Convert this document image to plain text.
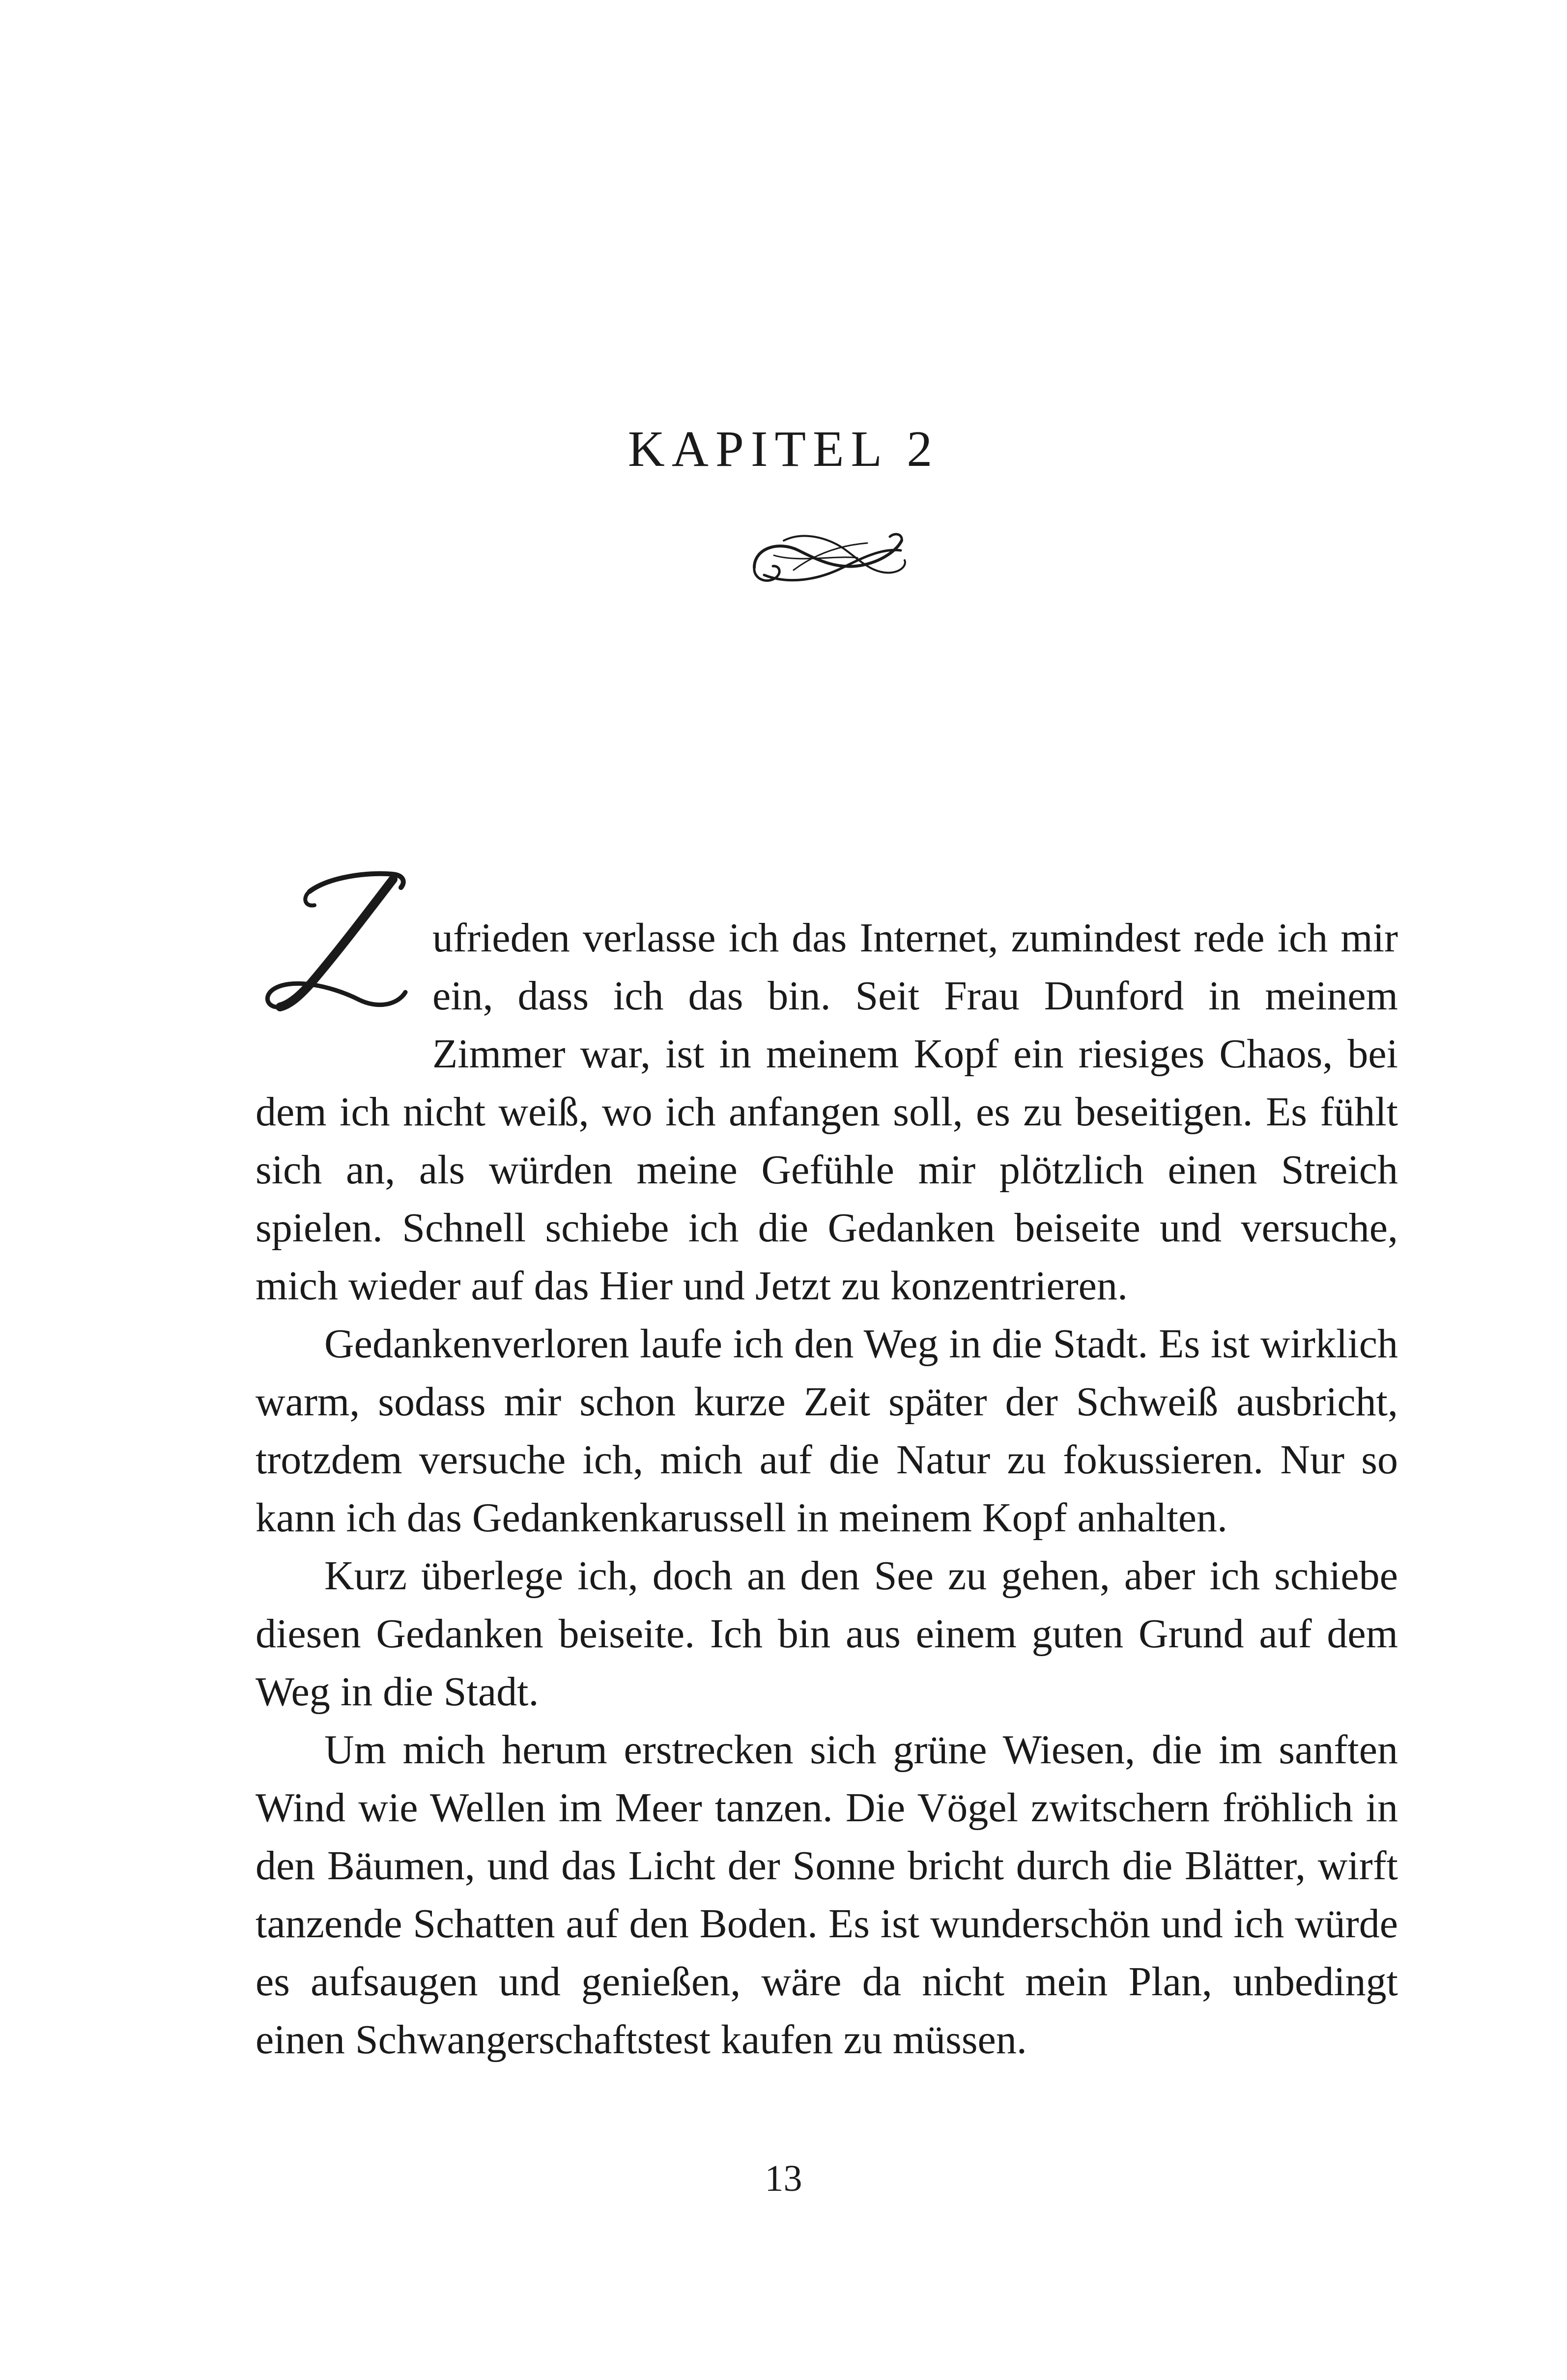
KAPITEL 2

ufrieden verlasse ich das Internet, zumindest rede ich mir ein, dass ich das bin. Seit Frau Dunford in meinem Zimmer war, ist in meinem Kopf ein riesiges Chaos, bei dem ich nicht weiß, wo ich anfangen soll, es zu beseitigen. Es fühlt sich an, als würden meine Gefühle mir plötzlich einen Streich spielen. Schnell schiebe ich die Gedanken beiseite und versuche, mich wieder auf das Hier und Jetzt zu konzentrieren.

Gedankenverloren laufe ich den Weg in die Stadt. Es ist wirklich warm, sodass mir schon kurze Zeit später der Schweiß ausbricht, trotzdem versuche ich, mich auf die Natur zu fokussieren. Nur so kann ich das Gedankenkarussell in meinem Kopf anhalten.

Kurz überlege ich, doch an den See zu gehen, aber ich schiebe diesen Gedanken beiseite. Ich bin aus einem guten Grund auf dem Weg in die Stadt.

Um mich herum erstrecken sich grüne Wiesen, die im sanften Wind wie Wellen im Meer tanzen. Die Vögel zwitschern fröhlich in den Bäumen, und das Licht der Sonne bricht durch die Blätter, wirft tanzende Schatten auf den Boden. Es ist wunderschön und ich würde es aufsaugen und genießen, wäre da nicht mein Plan, unbedingt einen Schwangerschaftstest kaufen zu müssen.

13
